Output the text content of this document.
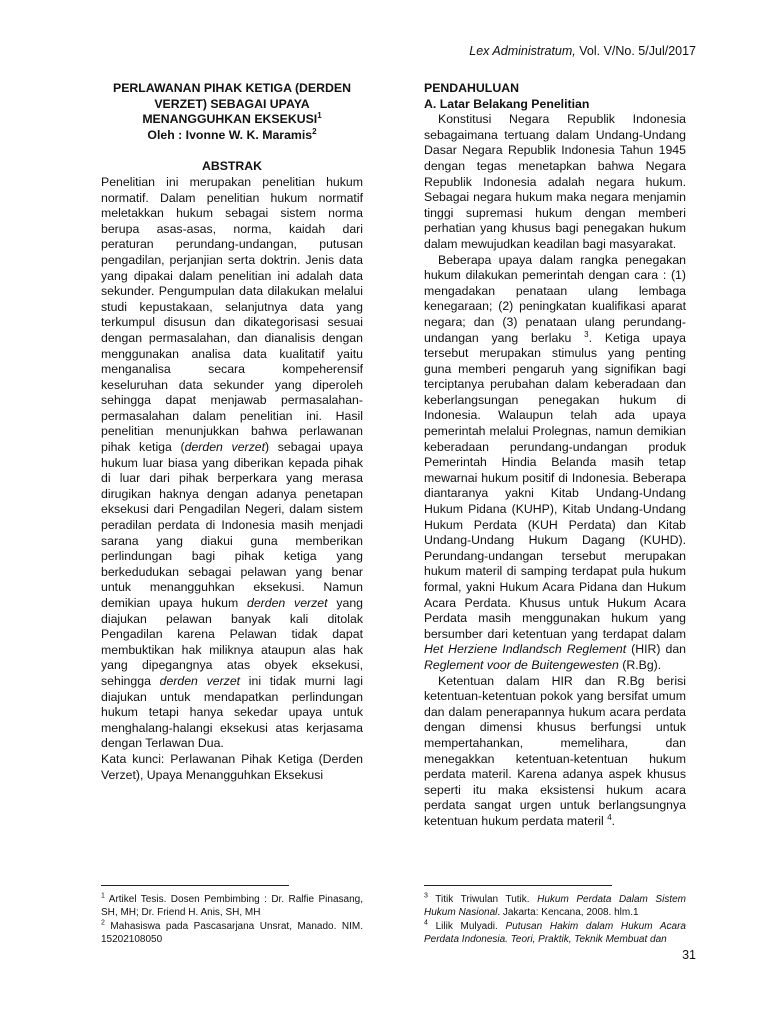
Lex Administratum, Vol. V/No. 5/Jul/2017

PERLAWANAN PIHAK KETIGA (DERDEN VERZET) SEBAGAI UPAYA MENANGGUHKAN EKSEKUSI$^1$

Oleh : Ivonne W. K. Maramis$^2$

ABSTRAK

Penelitian ini merupakan penelitian hukum normatif. Dalam penelitian hukum normatif meletakkan hukum sebagai sistem norma berupa asas-asas, norma, kaidah dari peraturan perundang-undangan, putusan pengadilan, perjanjian serta doktrin. Jenis data yang dipakai dalam penelitian ini adalah data sekunder. Pengumpulan data dilakukan melalui studi kepustakaan, selanjutnya data yang terkumpul disusun dan dikategorisasi sesuai dengan permasalahan, dan dianalisis dengan menggunakan analisa data kualitatif yaitu menganalisa secara kompeherensif keseluruhan data sekunder yang diperoleh sehingga dapat menjawab permasalahan-permasalahan dalam penelitian ini. Hasil penelitian menunjukkan bahwa perlawanan pihak ketiga (derden verzet) sebagai upaya hukum luar biasa yang diberikan kepada pihak di luar dari pihak berperkara yang merasa dirugikan haknya dengan adanya penetapan eksekusi dari Pengadilan Negeri, dalam sistem peradilan perdata di Indonesia masih menjadi sarana yang diakui guna memberikan perlindungan bagi pihak ketiga yang berkedudukan sebagai pelawan yang benar untuk menangguhkan eksekusi. Namun demikian upaya hukum derden verzet yang diajukan pelawan banyak kali ditolak Pengadilan karena Pelawan tidak dapat membuktikan hak miliknya ataupun alas hak yang dipegangnya atas obyek eksekusi, sehingga derden verzet ini tidak murni lagi diajukan untuk mendapatkan perlindungan hukum tetapi hanya sekedar upaya untuk menghalang-halangi eksekusi atas kerjasama dengan Terlawan Dua.

Kata kunci: Perlawanan Pihak Ketiga (Derden Verzet), Upaya Menangguhkan Eksekusi

PENDAHULUAN

A. Latar Belakang Penelitian

Konstitusi Negara Republik Indonesia sebagaimana tertuang dalam Undang-Undang Dasar Negara Republik Indonesia Tahun 1945 dengan tegas menetapkan bahwa Negara Republik Indonesia adalah negara hukum. Sebagai negara hukum maka negara menjamin tinggi supremasi hukum dengan memberi perhatian yang khusus bagi penegakan hukum dalam mewujudkan keadilan bagi masyarakat.

Beberapa upaya dalam rangka penegakan hukum dilakukan pemerintah dengan cara : (1) mengadakan penataan ulang lembaga kenegaraan; (2) peningkatan kualifikasi aparat negara; dan (3) penataan ulang perundang-undangan yang berlaku $^3$. Ketiga upaya tersebut merupakan stimulus yang penting guna memberi pengaruh yang signifikan bagi terciptanya perubahan dalam keberadaan dan keberlangsungan penegakan hukum di Indonesia. Walaupun telah ada upaya pemerintah melalui Prolegnas, namun demikian keberadaan perundang-undangan produk Pemerintah Hindia Belanda masih tetap mewarnai hukum positif di Indonesia. Beberapa diantaranya yakni Kitab Undang-Undang Hukum Pidana (KUHP), Kitab Undang-Undang Hukum Perdata (KUH Perdata) dan Kitab Undang-Undang Hukum Dagang (KUHD). Perundang-undangan tersebut merupakan hukum materil di samping terdapat pula hukum formal, yakni Hukum Acara Pidana dan Hukum Acara Perdata. Khusus untuk Hukum Acara Perdata masih menggunakan hukum yang bersumber dari ketentuan yang terdapat dalam Het Herziene Indlandsch Reglement (HIR) dan Reglement voor de Buitengewesten (R.Bg).

Ketentuan dalam HIR dan R.Bg berisi ketentuan-ketentuan pokok yang bersifat umum dan dalam penerapannya hukum acara perdata dengan dimensi khusus berfungsi untuk mempertahankan, memelihara, dan menegakkan ketentuan-ketentuan hukum perdata materil. Karena adanya aspek khusus seperti itu maka eksistensi hukum acara perdata sangat urgen untuk berlangsungnya ketentuan hukum perdata materil $^4$.

$^1$ Artikel Tesis. Dosen Pembimbing : Dr. Ralfie Pinasang, SH, MH; Dr. Friend H. Anis, SH, MH

$^2$ Mahasiswa pada Pascasarjana Unsrat, Manado. NIM. 15202108050

$^3$ Titik Triwulan Tutik. Hukum Perdata Dalam Sistem Hukum Nasional. Jakarta: Kencana, 2008. hlm.1

$^4$ Lilik Mulyadi. Putusan Hakim dalam Hukum Acara Perdata Indonesia. Teori, Praktik, Teknik Membuat dan

31
